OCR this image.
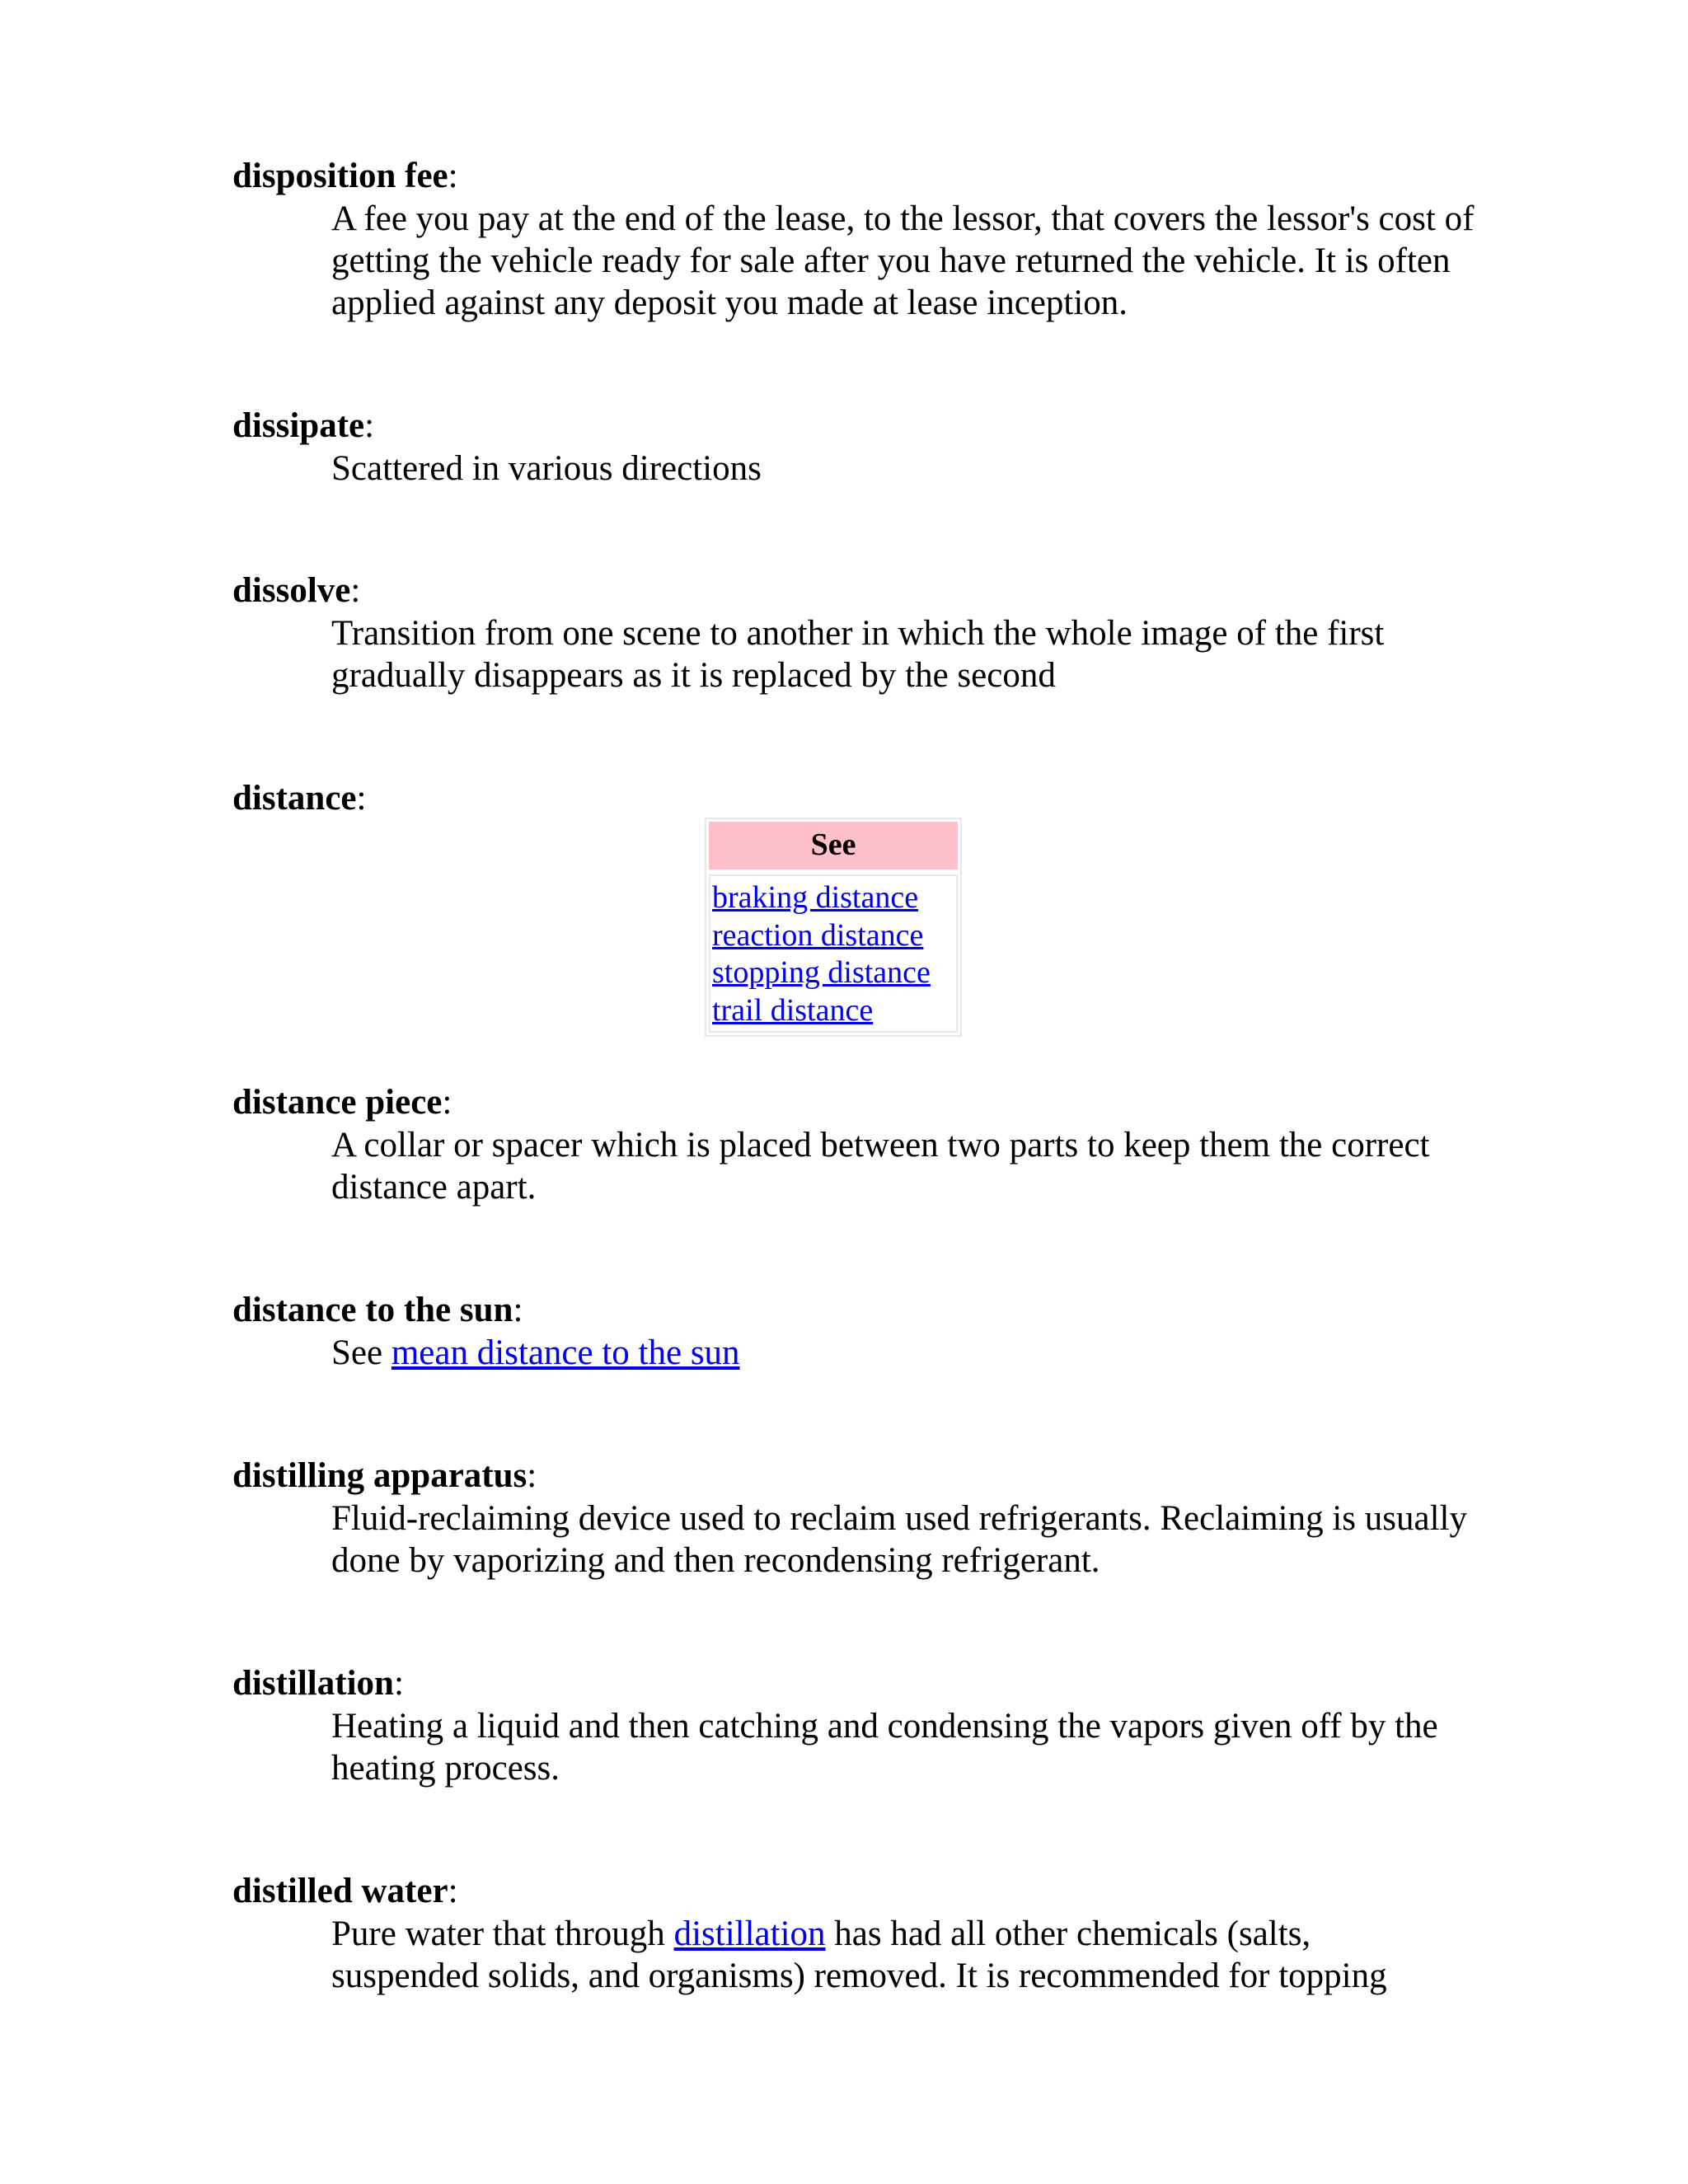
disposition fee:

A fee you pay at the end of the lease, to the lessor, that covers the lessor's cost of getting the vehicle ready for sale after you have returned the vehicle. It is often applied against any deposit you made at lease inception.

dissipate:

Scattered in various directions

dissolve:

Transition from one scene to another in which the whole image of the first gradually disappears as it is replaced by the second

distance:

See
braking distance
reaction distance
stopping distance
trail distance

distance piece:

A collar or spacer which is placed between two parts to keep them the correct distance apart.

distance to the sun:

See mean distance to the sun

distilling apparatus:

Fluid-reclaiming device used to reclaim used refrigerants. Reclaiming is usually done by vaporizing and then recondensing refrigerant.

distillation:

Heating a liquid and then catching and condensing the vapors given off by the heating process.

distilled water:

Pure water that through distillation has had all other chemicals (salts,
suspended solids, and organisms) removed. It is recommended for topping
